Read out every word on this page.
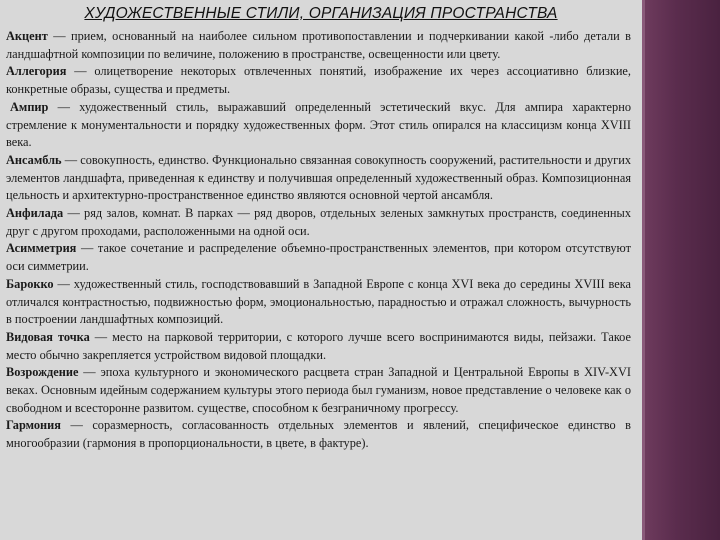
ХУДОЖЕСТВЕННЫЕ СТИЛИ, ОРГАНИЗАЦИЯ ПРОСТРАНСТВА

Акцент — прием, основанный на наиболее сильном противопоставлении и подчеркивании какой -либо детали в ландшафтной композиции по величине, положению в пространстве, освещенности или цвету.

Аллегория — олицетворение некоторых отвлеченных понятий, изображение их через ассоциативно близкие, конкретные образы, существа и предметы.

Ампир — художественный стиль, выражавший определенный эстетический вкус. Для ампира характерно стремление к монументальности и порядку художественных форм. Этот стиль опирался на классицизм конца XVIII века.

Ансамбль — совокупность, единство. Функционально связанная совокупность сооружений, растительности и других элементов ландшафта, приведенная к единству и получившая определенный художественный образ. Композиционная цельность и архитектурно-пространственное единство являются основной чертой ансамбля.

Анфилада — ряд залов, комнат. В парках — ряд дворов, отдельных зеленых замкнутых пространств, соединенных друг с другом проходами, расположенными на одной оси.

Асимметрия — такое сочетание и распределение объемно-пространственных элементов, при котором отсутствуют оси симметрии.

Барокко — художественный стиль, господствовавший в Западной Европе с конца XVI века до середины XVIII века отличался контрастностью, подвижностью форм, эмоциональностью, парадностью и отражал сложность, вычурность в построении ландшафтных композиций.

Видовая точка — место на парковой территории, с которого лучше всего воспринимаются виды, пейзажи. Такое место обычно закрепляется устройством видовой площадки.

Возрождение — эпоха культурного и экономического расцвета стран Западной и Центральной Европы в XIV-XVI веках. Основным идейным содержанием культуры этого периода был гуманизм, новое представление о человеке как о свободном и всесторонне развитом. существе, способном к безграничному прогрессу.

Гармония — соразмерность, согласованность отдельных элементов и явлений, специфическое единство в многообразии (гармония в пропорциональности, в цвете, в фактуре).
